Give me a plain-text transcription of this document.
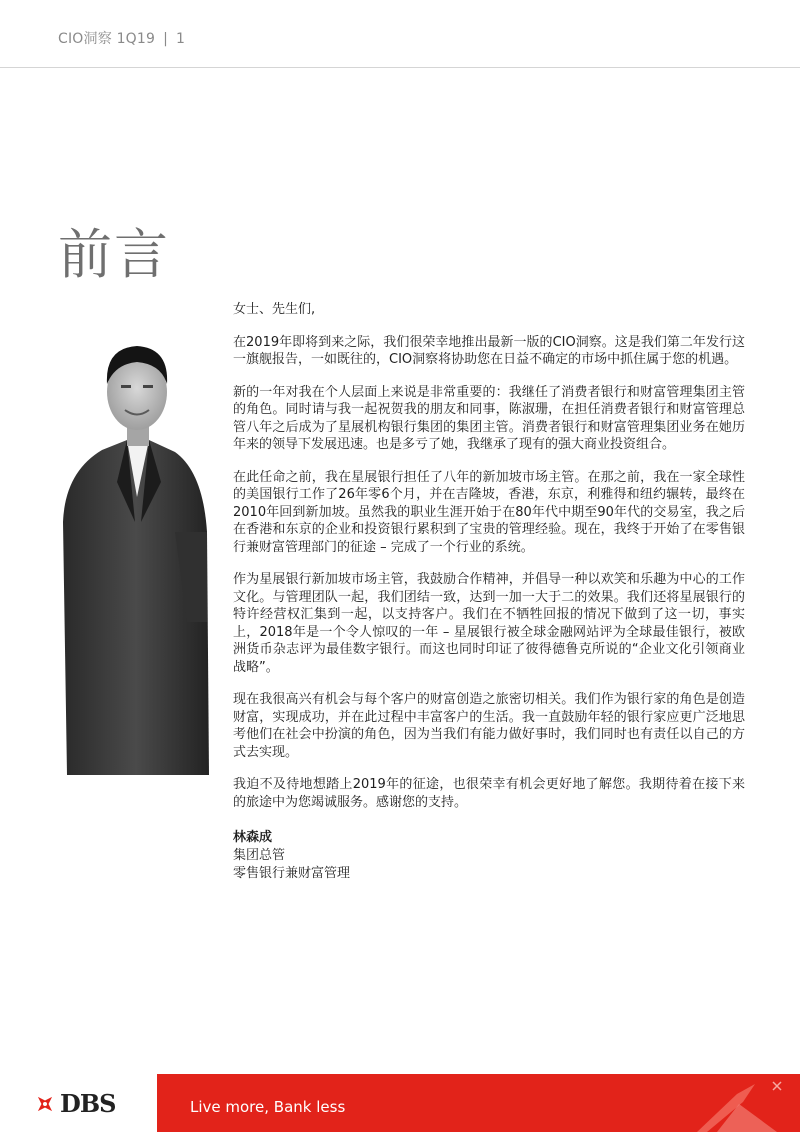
CIO洞察 1Q19 | 1
前言

女士、先生们,

在2019年即将到来之际，我们很荣幸地推出最新一版的CIO洞察。这是我们第二年发行这一旗舰报告，一如既往的，CIO洞察将协助您在日益不确定的市场中抓住属于您的机遇。

新的一年对我在个人层面上来说是非常重要的：我继任了消费者银行和财富管理集团主管的角色。同时请与我一起祝贺我的朋友和同事，陈淑珊，在担任消费者银行和财富管理总管八年之后成为了星展机构银行集团的集团主管。消费者银行和财富管理集团业务在她历年来的领导下发展迅速。也是多亏了她，我继承了现有的强大商业投资组合。

在此任命之前，我在星展银行担任了八年的新加坡市场主管。在那之前，我在一家全球性的美国银行工作了26年零6个月，并在吉隆坡，香港，东京，利雅得和纽约辗转，最终在2010年回到新加坡。虽然我的职业生涯开始于在80年代中期至90年代的交易室，我之后在香港和东京的企业和投资银行累积到了宝贵的管理经验。现在，我终于开始了在零售银行兼财富管理部门的征途 – 完成了一个行业的系统。

作为星展银行新加坡市场主管，我鼓励合作精神，并倡导一种以欢笑和乐趣为中心的工作文化。与管理团队一起，我们团结一致，达到一加一大于二的效果。我们还将星展银行的特许经营权汇集到一起，以支持客户。我们在不牺牲回报的情况下做到了这一切，事实上，2018年是一个令人惊叹的一年 – 星展银行被全球金融网站评为全球最佳银行，被欧洲货币杂志评为最佳数字银行。而这也同时印证了彼得德鲁克所说的“企业文化引领商业战略”。

现在我很高兴有机会与每个客户的财富创造之旅密切相关。我们作为银行家的角色是创造财富，实现成功，并在此过程中丰富客户的生活。我一直鼓励年轻的银行家应更广泛地思考他们在社会中扮演的角色，因为当我们有能力做好事时，我们同时也有责任以自己的方式去实现。

我迫不及待地想踏上2019年的征途，也很荣幸有机会更好地了解您。我期待着在接下来的旅途中为您竭诚服务。感谢您的支持。

林森成
集团总管
零售银行兼财富管理
DBS	Live more, Bank less
